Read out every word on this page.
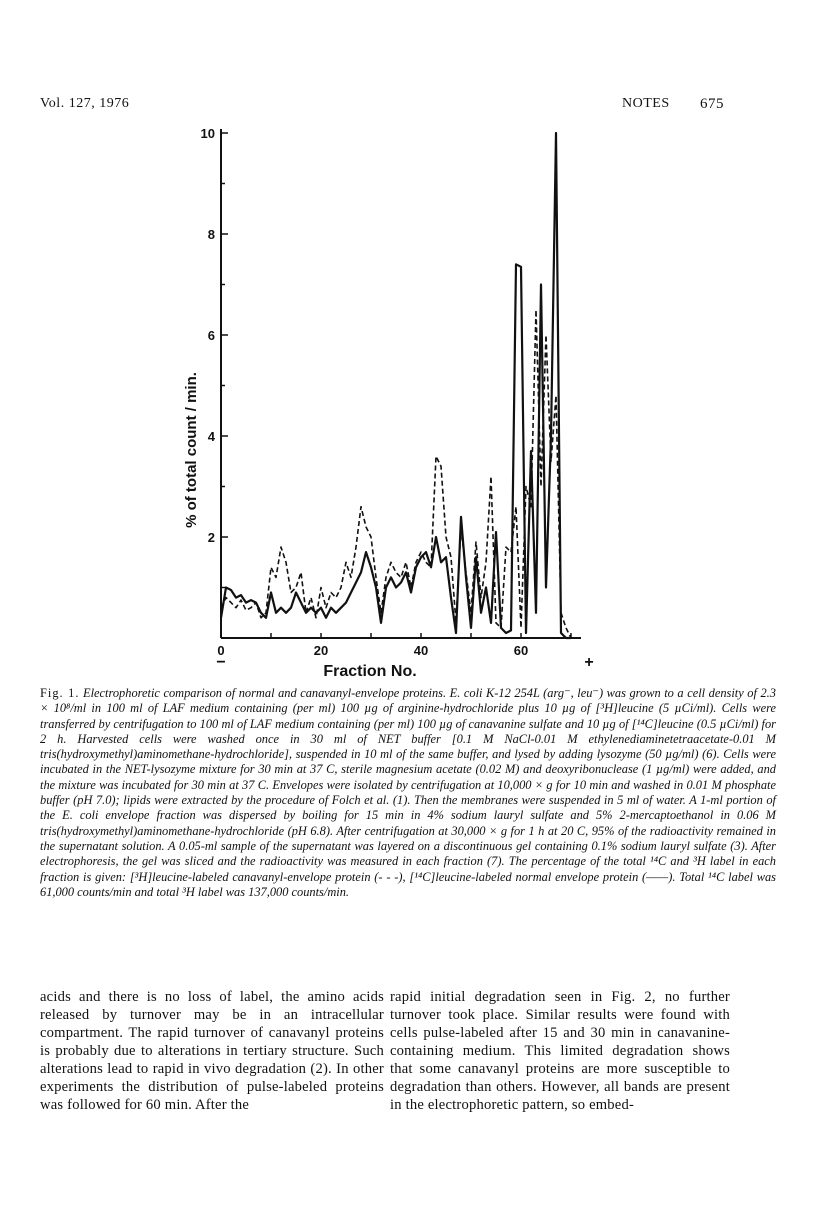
Vol. 127, 1976	NOTES 675
2
4
6
8
10
0	20	40	60
Fraction No.
% of total count / min.
−	+

Fig. 1. Electrophoretic comparison of normal and canavanyl-envelope proteins. E. coli K-12 254L (arg⁻, leu⁻) was grown to a cell density of 2.3 × 10⁸/ml in 100 ml of LAF medium containing (per ml) 100 µg of arginine-hydrochloride plus 10 µg of [³H]leucine (5 µCi/ml). Cells were transferred by centrifugation to 100 ml of LAF medium containing (per ml) 100 µg of canavanine sulfate and 10 µg of [¹⁴C]leucine (0.5 µCi/ml) for 2 h. Harvested cells were washed once in 30 ml of NET buffer [0.1 M NaCl-0.01 M ethylenediaminetetraacetate-0.01 M tris(hydroxymethyl)aminomethane-hydrochloride], suspended in 10 ml of the same buffer, and lysed by adding lysozyme (50 µg/ml) (6). Cells were incubated in the NET-lysozyme mixture for 30 min at 37 C, sterile magnesium acetate (0.02 M) and deoxyribonuclease (1 µg/ml) were added, and the mixture was incubated for 30 min at 37 C. Envelopes were isolated by centrifugation at 10,000 × g for 10 min and washed in 0.01 M phosphate buffer (pH 7.0); lipids were extracted by the procedure of Folch et al. (1). Then the membranes were suspended in 5 ml of water. A 1-ml portion of the E. coli envelope fraction was dispersed by boiling for 15 min in 4% sodium lauryl sulfate and 5% 2-mercaptoethanol in 0.06 M tris(hydroxymethyl)aminomethane-hydrochloride (pH 6.8). After centrifugation at 30,000 × g for 1 h at 20 C, 95% of the radioactivity remained in the supernatant solution. A 0.05-ml sample of the supernatant was layered on a discontinuous gel containing 0.1% sodium lauryl sulfate (3). After electrophoresis, the gel was sliced and the radioactivity was measured in each fraction (7). The percentage of the total ¹⁴C and ³H label in each fraction is given: [³H]leucine-labeled canavanyl-envelope protein (- - -), [¹⁴C]leucine-labeled normal envelope protein (——). Total ¹⁴C label was 61,000 counts/min and total ³H label was 137,000 counts/min.

acids and there is no loss of label, the amino acids released by turnover may be in an intracellular compartment. The rapid turnover of canavanyl proteins is probably due to alterations in tertiary structure. Such alterations lead to rapid in vivo degradation (2). In other experiments the distribution of pulse-labeled proteins was followed for 60 min. After the

rapid initial degradation seen in Fig. 2, no further turnover took place. Similar results were found with cells pulse-labeled after 15 and 30 min in canavanine-containing medium. This limited degradation shows that some canavanyl proteins are more susceptible to degradation than others. However, all bands are present in the electrophoretic pattern, so embed-
